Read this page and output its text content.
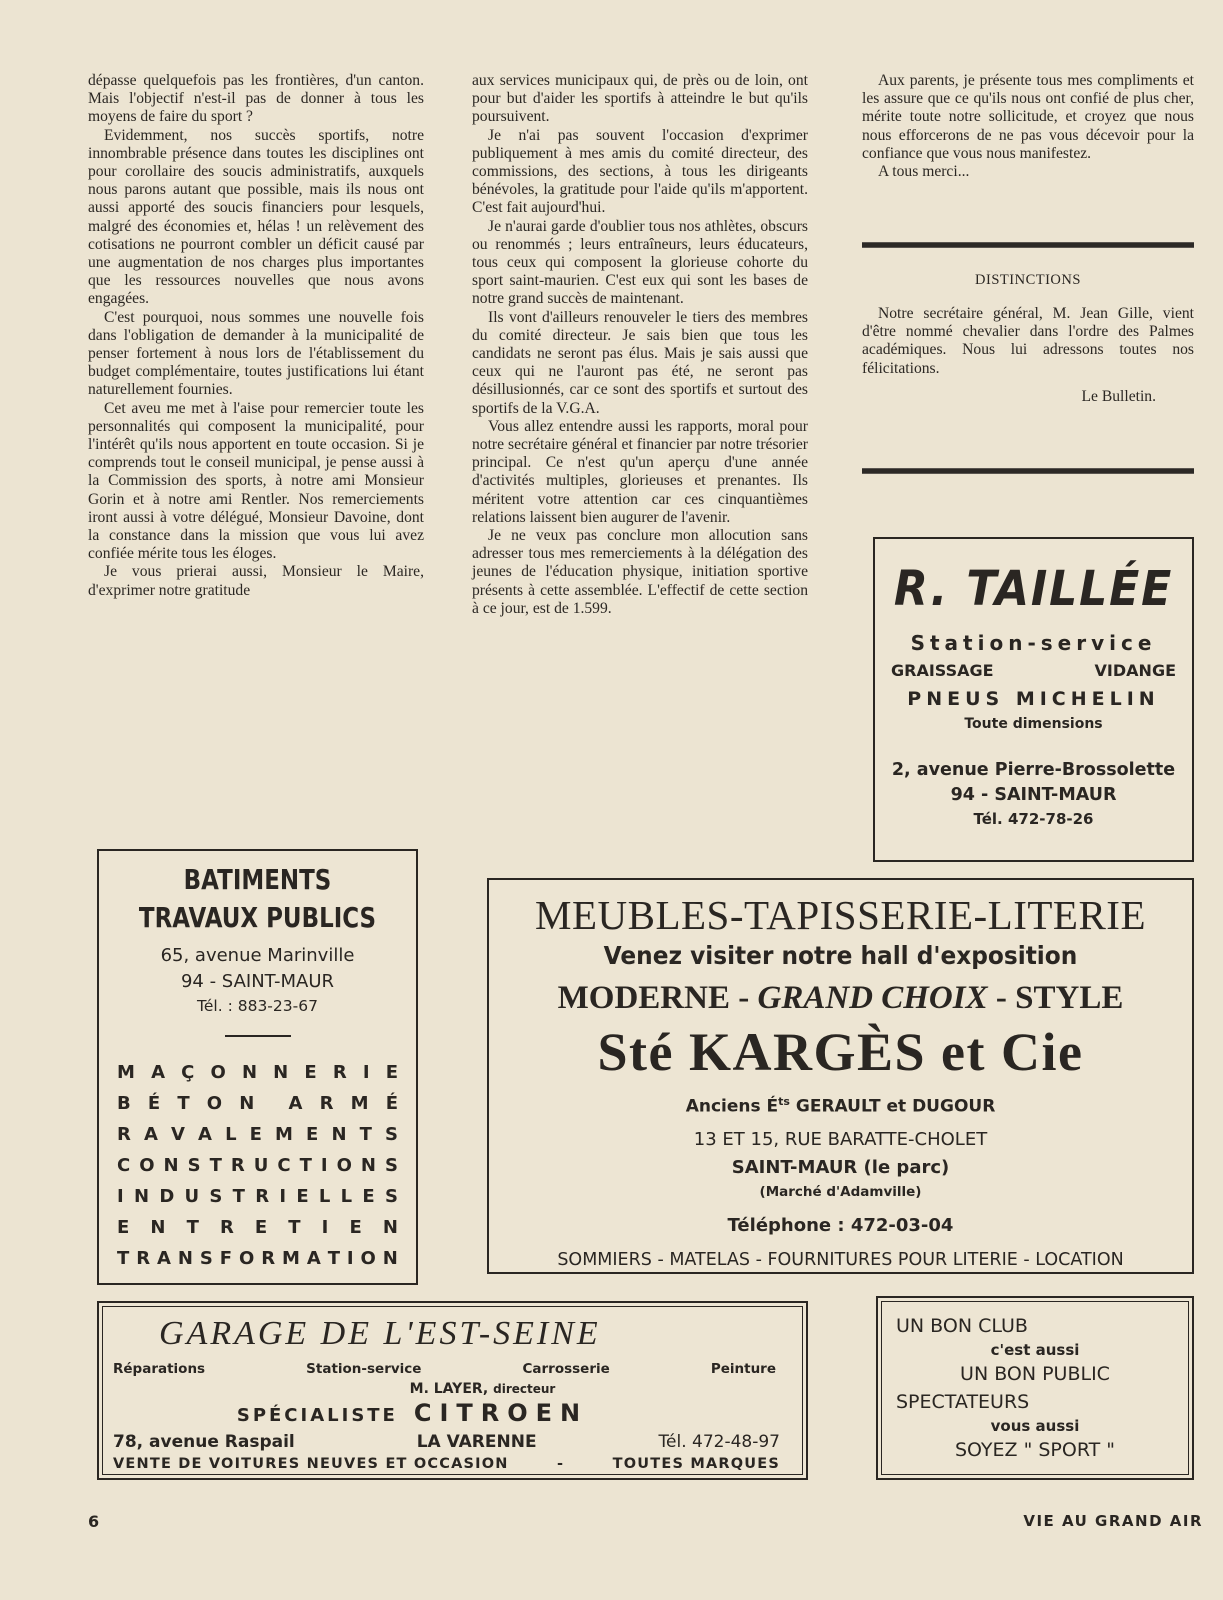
dépasse quelquefois pas les frontières, d'un canton. Mais l'objectif n'est-il pas de donner à tous les moyens de faire du sport ?

Evidemment, nos succès sportifs, notre innombrable présence dans toutes les disciplines ont pour corollaire des soucis administratifs, auxquels nous parons autant que possible, mais ils nous ont aussi apporté des soucis financiers pour lesquels, malgré des économies et, hélas ! un relèvement des cotisations ne pourront combler un déficit causé par une augmentation de nos charges plus importantes que les ressources nouvelles que nous avons engagées.

C'est pourquoi, nous sommes une nouvelle fois dans l'obligation de demander à la municipalité de penser fortement à nous lors de l'établissement du budget complémentaire, toutes justifications lui étant naturellement fournies.

Cet aveu me met à l'aise pour remercier toute les personnalités qui composent la municipalité, pour l'intérêt qu'ils nous apportent en toute occasion. Si je comprends tout le conseil municipal, je pense aussi à la Commission des sports, à notre ami Monsieur Gorin et à notre ami Rentler. Nos remerciements iront aussi à votre délégué, Monsieur Davoine, dont la constance dans la mission que vous lui avez confiée mérite tous les éloges.

Je vous prierai aussi, Monsieur le Maire, d'exprimer notre gratitude

aux services municipaux qui, de près ou de loin, ont pour but d'aider les sportifs à atteindre le but qu'ils poursuivent.

Je n'ai pas souvent l'occasion d'exprimer publiquement à mes amis du comité directeur, des commissions, des sections, à tous les dirigeants bénévoles, la gratitude pour l'aide qu'ils m'apportent. C'est fait aujourd'hui.

Je n'aurai garde d'oublier tous nos athlètes, obscurs ou renommés ; leurs entraîneurs, leurs éducateurs, tous ceux qui composent la glorieuse cohorte du sport saint-maurien. C'est eux qui sont les bases de notre grand succès de maintenant.

Ils vont d'ailleurs renouveler le tiers des membres du comité directeur. Je sais bien que tous les candidats ne seront pas élus. Mais je sais aussi que ceux qui ne l'auront pas été, ne seront pas désillusionnés, car ce sont des sportifs et surtout des sportifs de la V.G.A.

Vous allez entendre aussi les rapports, moral pour notre secrétaire général et financier par notre trésorier principal. Ce n'est qu'un aperçu d'une année d'activités multiples, glorieuses et prenantes. Ils méritent votre attention car ces cinquantièmes relations laissent bien augurer de l'avenir.

Je ne veux pas conclure mon allocution sans adresser tous mes remerciements à la délégation des jeunes de l'éducation physique, initiation sportive présents à cette assemblée. L'effectif de cette section à ce jour, est de 1.599.

Aux parents, je présente tous mes compliments et les assure que ce qu'ils nous ont confié de plus cher, mérite toute notre sollicitude, et croyez que nous nous efforcerons de ne pas vous décevoir pour la confiance que vous nous manifestez.

A tous merci...

DISTINCTIONS

Notre secrétaire général, M. Jean Gille, vient d'être nommé chevalier dans l'ordre des Palmes académiques. Nous lui adressons toutes nos félicitations.

Le Bulletin.

BATIMENTS
TRAVAUX PUBLICS
65, avenue Marinville
94 - SAINT-MAUR
Tél. : 883-23-67
M A Ç O N N E R I E
B É T O N A R M É
R A V A L E M E N T S
C O N S T R U C T I O N S
I N D U S T R I E L L E S
E N T R E T I E N
T R A N S F O R M A T I O N
R. TAILLÉE
Station-service
GRAISSAGE	VIDANGE
PNEUS MICHELIN
Toute dimensions
2, avenue Pierre-Brossolette
94 - SAINT-MAUR
Tél. 472-78-26
MEUBLES-TAPISSERIE-LITERIE
Venez visiter notre hall d'exposition
MODERNE - GRAND CHOIX - STYLE
Sté KARGÈS et Cie
Anciens $É^{ts}$ GERAULT et DUGOUR
13 ET 15, RUE BARATTE-CHOLET
SAINT-MAUR (le parc)
(Marché d'Adamville)
Téléphone : 472-03-04
SOMMIERS - MATELAS - FOURNITURES POUR LITERIE - LOCATION
GARAGE DE L'EST-SEINE
Réparations	Station-service	Carrosserie	Peinture
M. LAYER, directeur
SPÉCIALISTE CITROEN
78, avenue Raspail	LA VARENNE	Tél. 472-48-97
VENTE DE VOITURES NEUVES ET OCCASION	-	TOUTES MARQUES
UN BON CLUB
c'est aussi
UN BON PUBLIC
SPECTATEURS
vous aussi
SOYEZ " SPORT "
6	VIE AU GRAND AIR
